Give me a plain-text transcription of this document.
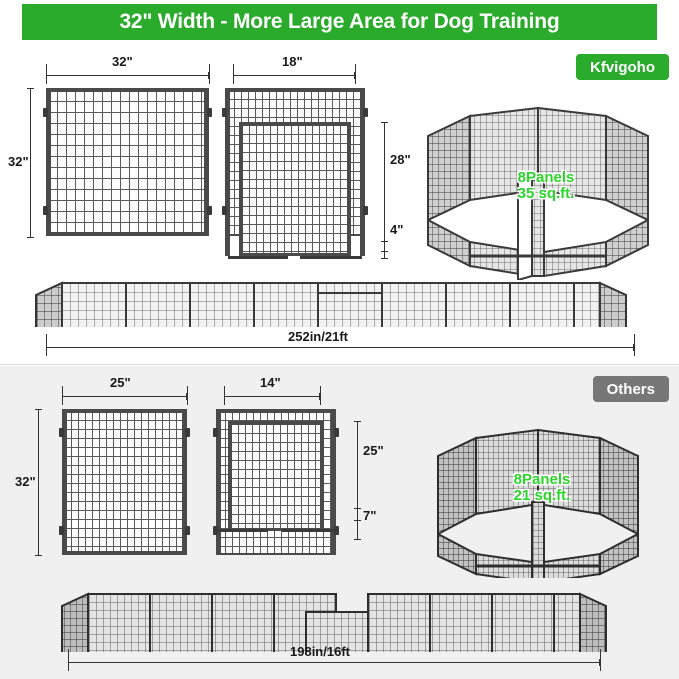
32" Width - More Large Area for Dog Training
Kfvigoho
32"
32"
18"
28"
4"
8Panels
35 sq.ft.
252in/21ft
Others
25"
32"
14"
25"
7"
8Panels
21 sq.ft.
198in/16ft
